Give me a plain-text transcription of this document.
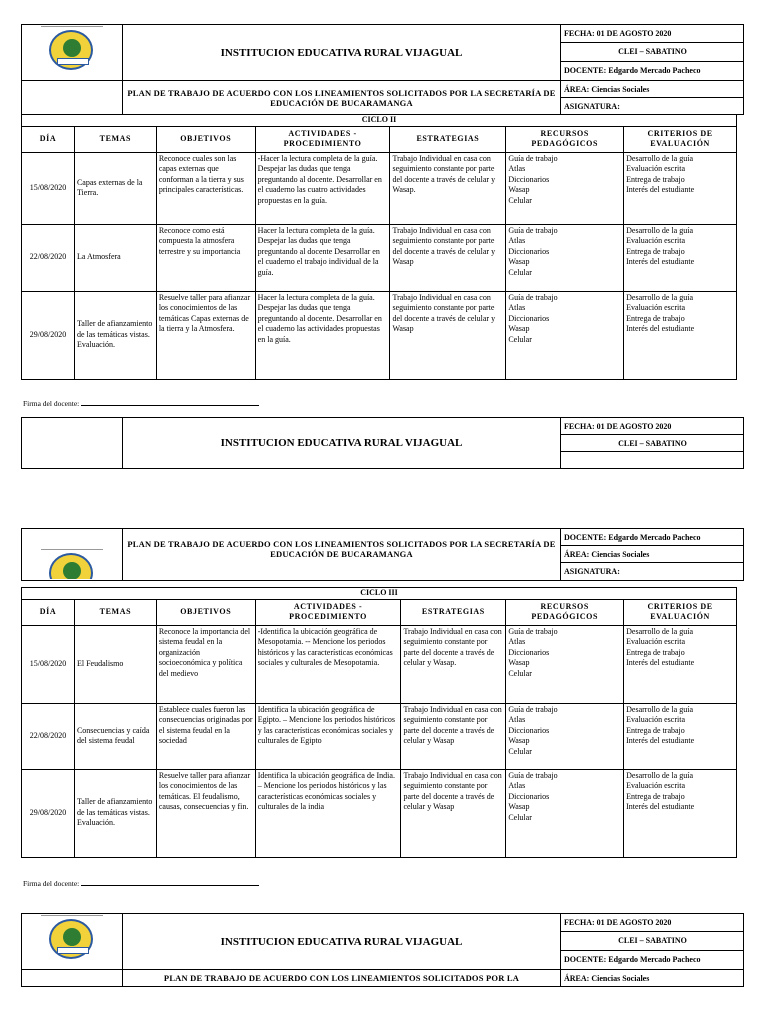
	INSTITUCION EDUCATIVA RURAL VIJAGUAL	FECHA: 01 DE AGOSTO 2020
		CLEI – SABATINO
		DOCENTE: Edgardo Mercado Pacheco
	PLAN DE TRABAJO DE ACUERDO CON LOS LINEAMIENTOS SOLICITADOS POR LA SECRETARÍA DE EDUCACIÓN DE BUCARAMANGA	ÁREA: Ciencias Sociales
		ASIGNATURA:
CICLO II						
DÍA	TEMAS	OBJETIVOS	ACTIVIDADES - PROCEDIMIENTO	ESTRATEGIAS	RECURSOS PEDAGÓGICOS	CRITERIOS DE EVALUACIÓN
15/08/2020	Capas externas de la Tierra.	Reconoce cuales son las capas externas que conforman a la tierra y sus principales características.	-Hacer la lectura completa de la guía. Despejar las dudas que tenga preguntando al docente. Desarrollar en el cuaderno las cuatro actividades propuestas en la guía.	Trabajo Individual en casa con seguimiento constante por parte del docente a través de celular y Wasap.	Guía de trabajo
Atlas
Diccionarios
Wasap
Celular	Desarrollo de la guía
Evaluación escrita
Entrega de trabajo
Interés del estudiante
22/08/2020	La Atmosfera	Reconoce como está compuesta la atmosfera terrestre y su importancia	Hacer la lectura completa de la guía. Despejar las dudas que tenga preguntando al docente Desarrollar en el cuaderno el trabajo individual de la guía.	Trabajo Individual en casa con seguimiento constante por parte del docente a través de celular y Wasap	Guía de trabajo
Atlas
Diccionarios
Wasap
Celular	Desarrollo de la guía
Evaluación escrita
Entrega de trabajo
Interés del estudiante
29/08/2020	Taller de afianzamiento de las temáticas vistas. Evaluación.	Resuelve taller para afianzar los conocimientos de las temáticas Capas externas de la tierra y la Atmosfera.	Hacer la lectura completa de la guía. Despejar las dudas que tenga preguntando al docente. Desarrollar en el cuaderno las actividades propuestas en la guía.	Trabajo Individual en casa con seguimiento constante por parte del docente a través de celular y Wasap	Guía de trabajo
Atlas
Diccionarios
Wasap
Celular	Desarrollo de la guía
Evaluación escrita
Entrega de trabajo
Interés del estudiante
Firma del docente:
	INSTITUCION EDUCATIVA RURAL VIJAGUAL	FECHA: 01 DE AGOSTO 2020
CLEI – SABATINO

	PLAN DE TRABAJO DE ACUERDO CON LOS LINEAMIENTOS SOLICITADOS POR LA SECRETARÍA DE EDUCACIÓN DE BUCARAMANGA	DOCENTE: Edgardo Mercado Pacheco
ÁREA: Ciencias Sociales
ASIGNATURA:
CICLO III						
DÍA	TEMAS	OBJETIVOS	ACTIVIDADES - PROCEDIMIENTO	ESTRATEGIAS	RECURSOS PEDAGÓGICOS	CRITERIOS DE EVALUACIÓN
15/08/2020	El Feudalismo	Reconoce la importancia del sistema feudal en la organización socioeconómica y política del medievo	-Identifica la ubicación geográfica de Mesopotamia. -- Mencione los periodos históricos y las características económicas sociales y culturales de Mesopotamia.	Trabajo Individual en casa con seguimiento constante por parte del docente a través de celular y Wasap.	Guía de trabajo
Atlas
Diccionarios
Wasap
Celular	Desarrollo de la guía
Evaluación escrita
Entrega de trabajo
Interés del estudiante
22/08/2020	Consecuencias y caída del sistema feudal	Establece cuales fueron las consecuencias originadas por el sistema feudal en la sociedad	Identifica la ubicación geográfica de Egipto. – Mencione los periodos históricos y las características económicas sociales y culturales de Egipto	Trabajo Individual en casa con seguimiento constante por parte del docente a través de celular y Wasap	Guía de trabajo
Atlas
Diccionarios
Wasap
Celular	Desarrollo de la guía
Evaluación escrita
Entrega de trabajo
Interés del estudiante
29/08/2020	Taller de afianzamiento de las temáticas vistas. Evaluación.	Resuelve taller para afianzar los conocimientos de las temáticas. El feudalismo, causas, consecuencias y fin.	Identifica la ubicación geográfica de India. – Mencione los periodos históricos y las características económicas sociales y culturales de la india	Trabajo Individual en casa con seguimiento constante por parte del docente a través de celular y Wasap	Guía de trabajo
Atlas
Diccionarios
Wasap
Celular	Desarrollo de la guía
Evaluación escrita
Entrega de trabajo
Interés del estudiante
Firma del docente:
	INSTITUCION EDUCATIVA RURAL VIJAGUAL	FECHA: 01 DE AGOSTO 2020
		CLEI – SABATINO
		DOCENTE: Edgardo Mercado Pacheco
	PLAN DE TRABAJO DE ACUERDO CON LOS LINEAMIENTOS SOLICITADOS POR LA	ÁREA: Ciencias Sociales
